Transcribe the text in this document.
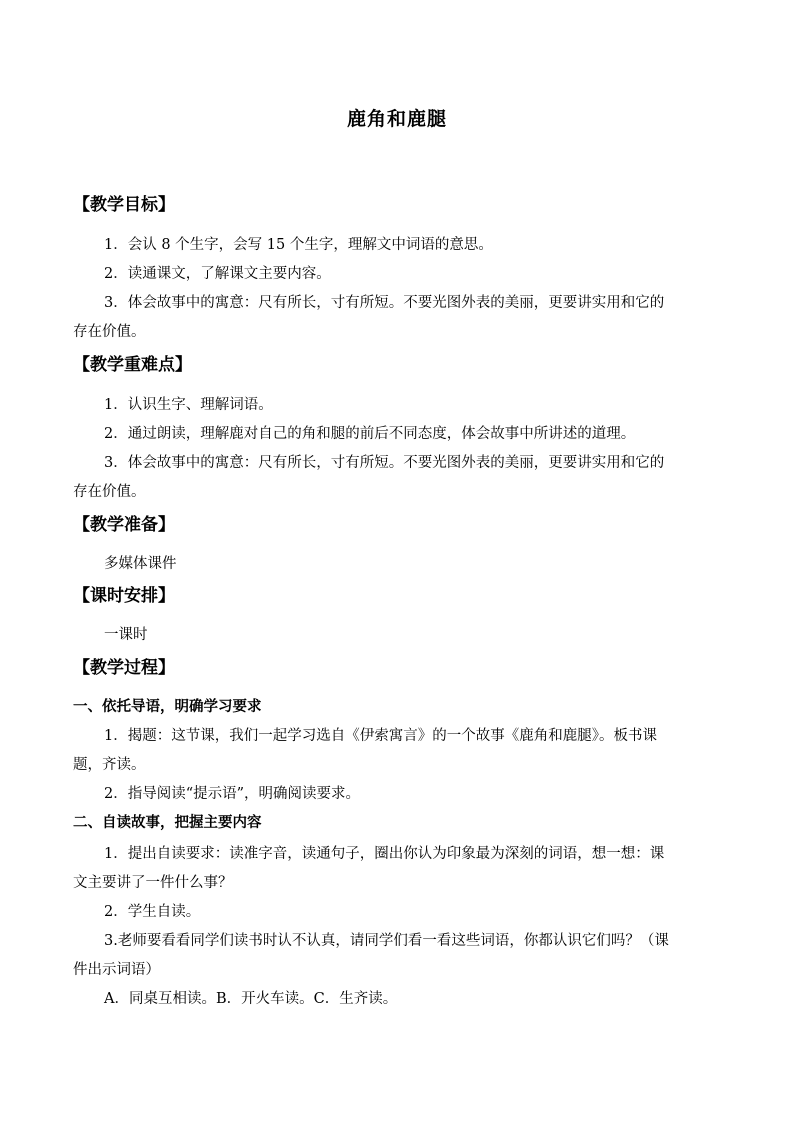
鹿角和鹿腿
【教学目标】
1．会认 8 个生字，会写 15 个生字，理解文中词语的意思。
2．读通课文，了解课文主要内容。
3．体会故事中的寓意：尺有所长，寸有所短。不要光图外表的美丽，更要讲实用和它的
存在价值。
【教学重难点】
1．认识生字、理解词语。
2．通过朗读，理解鹿对自己的角和腿的前后不同态度，体会故事中所讲述的道理。
3．体会故事中的寓意：尺有所长，寸有所短。不要光图外表的美丽，更要讲实用和它的
存在价值。
【教学准备】
多媒体课件
【课时安排】
一课时
【教学过程】
一、依托导语，明确学习要求
1．揭题：这节课，我们一起学习选自《伊索寓言》的一个故事《鹿角和鹿腿》。板书课
题，齐读。
2．指导阅读“提示语”，明确阅读要求。
二、自读故事，把握主要内容
1．提出自读要求：读准字音，读通句子，圈出你认为印象最为深刻的词语，想一想：课
文主要讲了一件什么事？
2．学生自读。
3.老师要看看同学们读书时认不认真，请同学们看一看这些词语，你都认识它们吗？（课
件出示词语）
A．同桌互相读。B．开火车读。C．生齐读。
